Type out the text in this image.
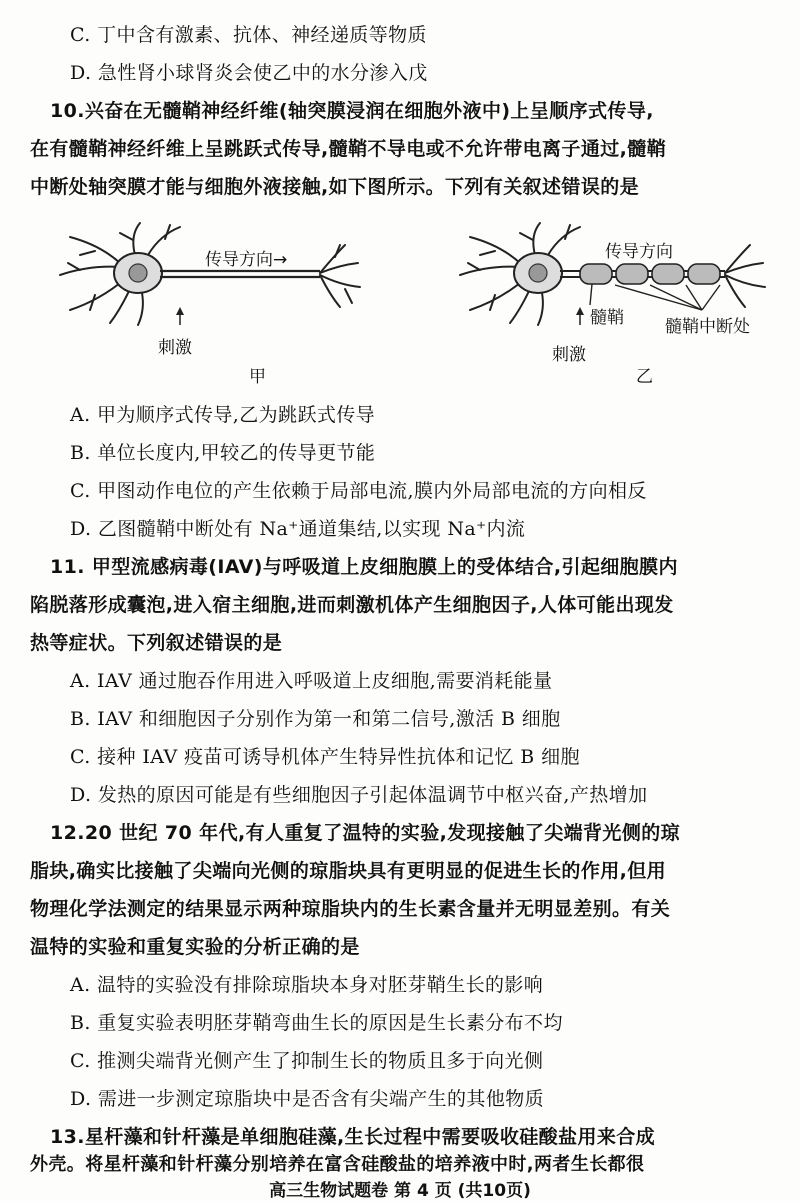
C. 丁中含有激素、抗体、神经递质等物质
D. 急性肾小球肾炎会使乙中的水分渗入戊
10.兴奋在无髓鞘神经纤维(轴突膜浸润在细胞外液中)上呈顺序式传导,
在有髓鞘神经纤维上呈跳跃式传导,髓鞘不导电或不允许带电离子通过,髓鞘
中断处轴突膜才能与细胞外液接触,如下图所示。下列有关叙述错误的是
传导方向→
刺激
甲
传导方向
髓鞘 髓鞘中断处
刺激
乙
A. 甲为顺序式传导,乙为跳跃式传导
B. 单位长度内,甲较乙的传导更节能
C. 甲图动作电位的产生依赖于局部电流,膜内外局部电流的方向相反
D. 乙图髓鞘中断处有 Na⁺通道集结,以实现 Na⁺内流
11. 甲型流感病毒(IAV)与呼吸道上皮细胞膜上的受体结合,引起细胞膜内
陷脱落形成囊泡,进入宿主细胞,进而刺激机体产生细胞因子,人体可能出现发
热等症状。下列叙述错误的是
A. IAV 通过胞吞作用进入呼吸道上皮细胞,需要消耗能量
B. IAV 和细胞因子分别作为第一和第二信号,激活 B 细胞
C. 接种 IAV 疫苗可诱导机体产生特异性抗体和记忆 B 细胞
D. 发热的原因可能是有些细胞因子引起体温调节中枢兴奋,产热增加
12.20 世纪 70 年代,有人重复了温特的实验,发现接触了尖端背光侧的琼
脂块,确实比接触了尖端向光侧的琼脂块具有更明显的促进生长的作用,但用
物理化学法测定的结果显示两种琼脂块内的生长素含量并无明显差别。有关
温特的实验和重复实验的分析正确的是
A. 温特的实验没有排除琼脂块本身对胚芽鞘生长的影响
B. 重复实验表明胚芽鞘弯曲生长的原因是生长素分布不均
C. 推测尖端背光侧产生了抑制生长的物质且多于向光侧
D. 需进一步测定琼脂块中是否含有尖端产生的其他物质
13.星杆藻和针杆藻是单细胞硅藻,生长过程中需要吸收硅酸盐用来合成
外壳。将星杆藻和针杆藻分别培养在富含硅酸盐的培养液中时,两者生长都很
高三生物试题卷 第 4 页 (共10页)
